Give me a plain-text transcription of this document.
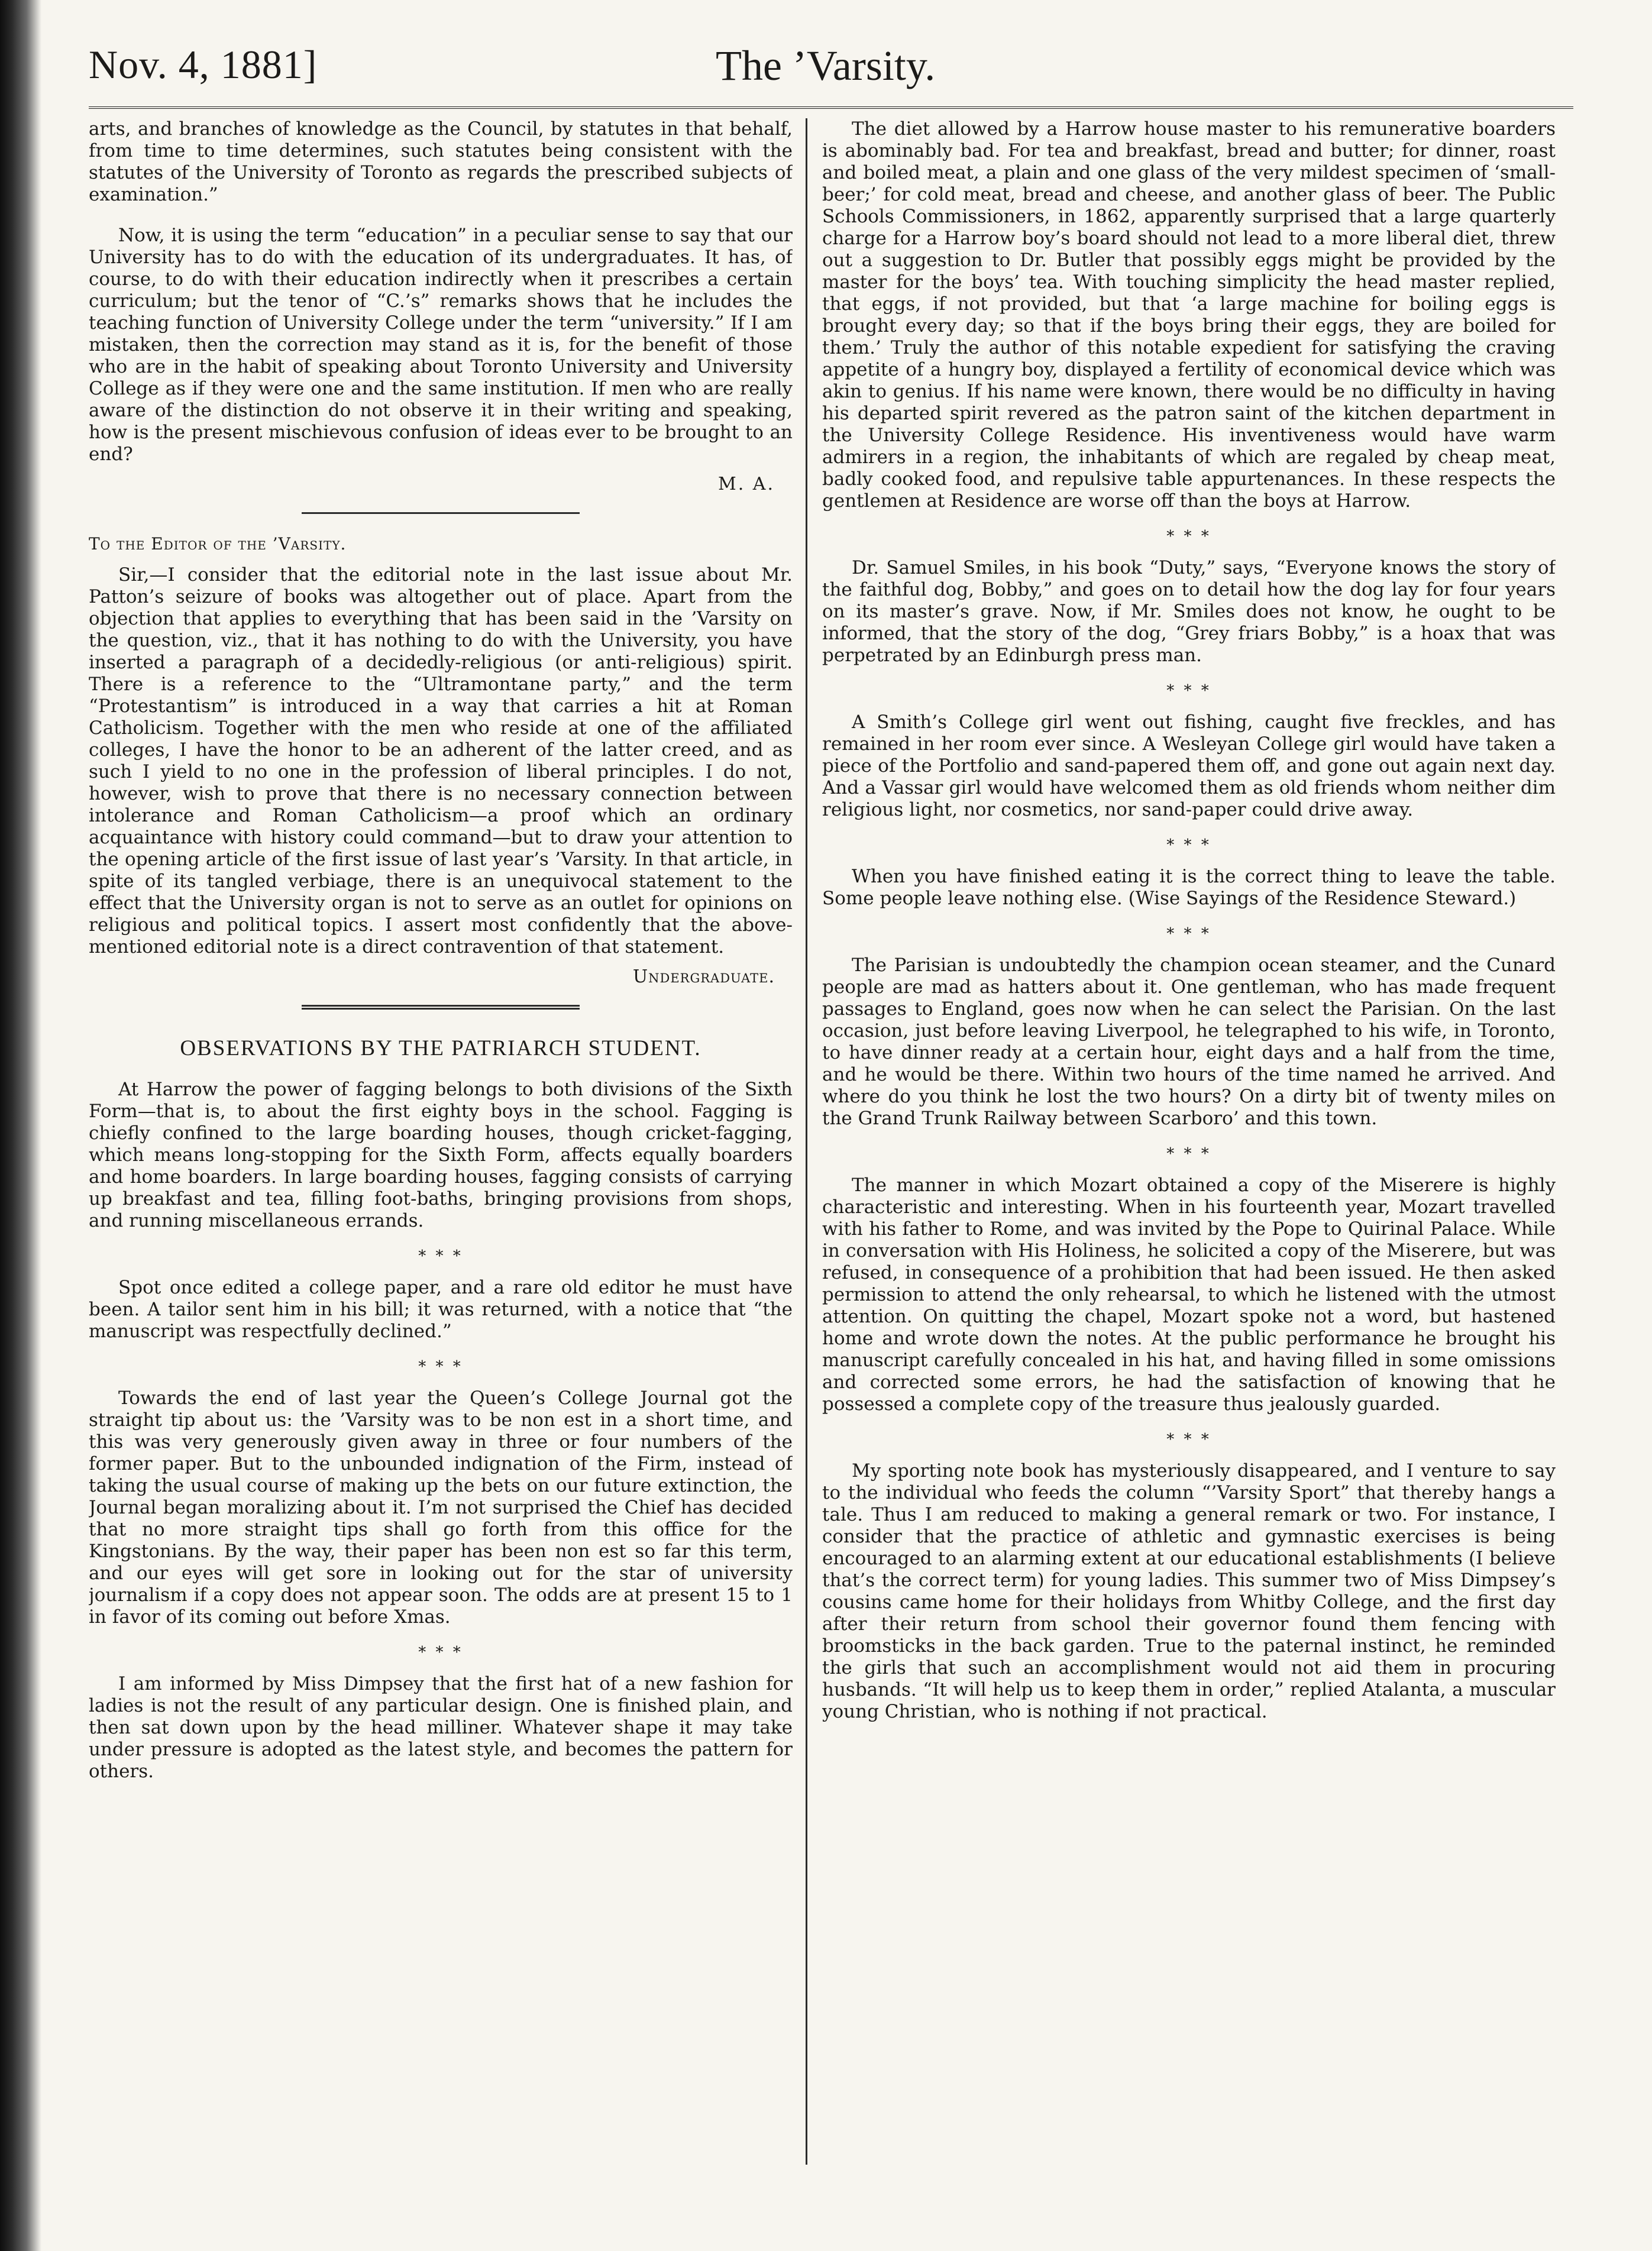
Nov. 4, 1881]	The ’Varsity.

arts, and branches of knowledge as the Council, by statutes in that behalf, from time to time determines, such statutes being consistent with the statutes of the University of Toronto as regards the prescribed subjects of examination.”

Now, it is using the term “education” in a peculiar sense to say that our University has to do with the education of its undergraduates. It has, of course, to do with their education indirectly when it prescribes a certain curriculum; but the tenor of “C.’s” remarks shows that he includes the teaching function of University College under the term “university.” If I am mistaken, then the correction may stand as it is, for the benefit of those who are in the habit of speaking about Toronto University and University College as if they were one and the same institution. If men who are really aware of the distinction do not observe it in their writing and speaking, how is the present mischievous confusion of ideas ever to be brought to an end?

M. A.
To the Editor of the ’Varsity.

Sir,—I consider that the editorial note in the last issue about Mr. Patton’s seizure of books was altogether out of place. Apart from the objection that applies to everything that has been said in the ’Varsity on the question, viz., that it has nothing to do with the University, you have inserted a paragraph of a decidedly-religious (or anti-religious) spirit. There is a reference to the “Ultramontane party,” and the term “Protestantism” is introduced in a way that carries a hit at Roman Catholicism. Together with the men who reside at one of the affiliated colleges, I have the honor to be an adherent of the latter creed, and as such I yield to no one in the profession of liberal principles. I do not, however, wish to prove that there is no necessary connection between intolerance and Roman Catholicism—a proof which an ordinary acquaintance with history could command—but to draw your attention to the opening article of the first issue of last year’s ’Varsity. In that article, in spite of its tangled verbiage, there is an unequivocal statement to the effect that the University organ is not to serve as an outlet for opinions on religious and political topics. I assert most confidently that the above-mentioned editorial note is a direct contravention of that statement.

Undergraduate.
OBSERVATIONS BY THE PATRIARCH STUDENT.

At Harrow the power of fagging belongs to both divisions of the Sixth Form—that is, to about the first eighty boys in the school. Fagging is chiefly confined to the large boarding houses, though cricket-fagging, which means long-stopping for the Sixth Form, affects equally boarders and home boarders. In large boarding houses, fagging consists of carrying up breakfast and tea, filling foot-baths, bringing provisions from shops, and running miscellaneous errands.

* * *

Spot once edited a college paper, and a rare old editor he must have been. A tailor sent him in his bill; it was returned, with a notice that “the manuscript was respectfully declined.”

* * *

Towards the end of last year the Queen’s College Journal got the straight tip about us: the ’Varsity was to be non est in a short time, and this was very generously given away in three or four numbers of the former paper. But to the unbounded indignation of the Firm, instead of taking the usual course of making up the bets on our future extinction, the Journal began moralizing about it. I’m not surprised the Chief has decided that no more straight tips shall go forth from this office for the Kingstonians. By the way, their paper has been non est so far this term, and our eyes will get sore in looking out for the star of university journalism if a copy does not appear soon. The odds are at present 15 to 1 in favor of its coming out before Xmas.

* * *

I am informed by Miss Dimpsey that the first hat of a new fashion for ladies is not the result of any particular design. One is finished plain, and then sat down upon by the head milliner. Whatever shape it may take under pressure is adopted as the latest style, and becomes the pattern for others.

The diet allowed by a Harrow house master to his remunerative boarders is abominably bad. For tea and breakfast, bread and butter; for dinner, roast and boiled meat, a plain and one glass of the very mildest specimen of ‘small-beer;’ for cold meat, bread and cheese, and another glass of beer. The Public Schools Commissioners, in 1862, apparently surprised that a large quarterly charge for a Harrow boy’s board should not lead to a more liberal diet, threw out a suggestion to Dr. Butler that possibly eggs might be provided by the master for the boys’ tea. With touching simplicity the head master replied, that eggs, if not provided, but that ‘a large machine for boiling eggs is brought every day; so that if the boys bring their eggs, they are boiled for them.’ Truly the author of this notable expedient for satisfying the craving appetite of a hungry boy, displayed a fertility of economical device which was akin to genius. If his name were known, there would be no difficulty in having his departed spirit revered as the patron saint of the kitchen department in the University College Residence. His inventiveness would have warm admirers in a region, the inhabitants of which are regaled by cheap meat, badly cooked food, and repulsive table appurtenances. In these respects the gentlemen at Residence are worse off than the boys at Harrow.

* * *

Dr. Samuel Smiles, in his book “Duty,” says, “Everyone knows the story of the faithful dog, Bobby,” and goes on to detail how the dog lay for four years on its master’s grave. Now, if Mr. Smiles does not know, he ought to be informed, that the story of the dog, “Grey friars Bobby,” is a hoax that was perpetrated by an Edinburgh press man.

* * *

A Smith’s College girl went out fishing, caught five freckles, and has remained in her room ever since. A Wesleyan College girl would have taken a piece of the Portfolio and sand-papered them off, and gone out again next day. And a Vassar girl would have welcomed them as old friends whom neither dim religious light, nor cosmetics, nor sand-paper could drive away.

* * *

When you have finished eating it is the correct thing to leave the table. Some people leave nothing else. (Wise Sayings of the Residence Steward.)

* * *

The Parisian is undoubtedly the champion ocean steamer, and the Cunard people are mad as hatters about it. One gentleman, who has made frequent passages to England, goes now when he can select the Parisian. On the last occasion, just before leaving Liverpool, he telegraphed to his wife, in Toronto, to have dinner ready at a certain hour, eight days and a half from the time, and he would be there. Within two hours of the time named he arrived. And where do you think he lost the two hours? On a dirty bit of twenty miles on the Grand Trunk Railway between Scarboro’ and this town.

* * *

The manner in which Mozart obtained a copy of the Miserere is highly characteristic and interesting. When in his fourteenth year, Mozart travelled with his father to Rome, and was invited by the Pope to Quirinal Palace. While in conversation with His Holiness, he solicited a copy of the Miserere, but was refused, in consequence of a prohibition that had been issued. He then asked permission to attend the only rehearsal, to which he listened with the utmost attention. On quitting the chapel, Mozart spoke not a word, but hastened home and wrote down the notes. At the public performance he brought his manuscript carefully concealed in his hat, and having filled in some omissions and corrected some errors, he had the satisfaction of knowing that he possessed a complete copy of the treasure thus jealously guarded.

* * *

My sporting note book has mysteriously disappeared, and I venture to say to the individual who feeds the column “’Varsity Sport” that thereby hangs a tale. Thus I am reduced to making a general remark or two. For instance, I consider that the practice of athletic and gymnastic exercises is being encouraged to an alarming extent at our educational establishments (I believe that’s the correct term) for young ladies. This summer two of Miss Dimpsey’s cousins came home for their holidays from Whitby College, and the first day after their return from school their governor found them fencing with broomsticks in the back garden. True to the paternal instinct, he reminded the girls that such an accomplishment would not aid them in procuring husbands. “It will help us to keep them in order,” replied Atalanta, a muscular young Christian, who is nothing if not practical.
